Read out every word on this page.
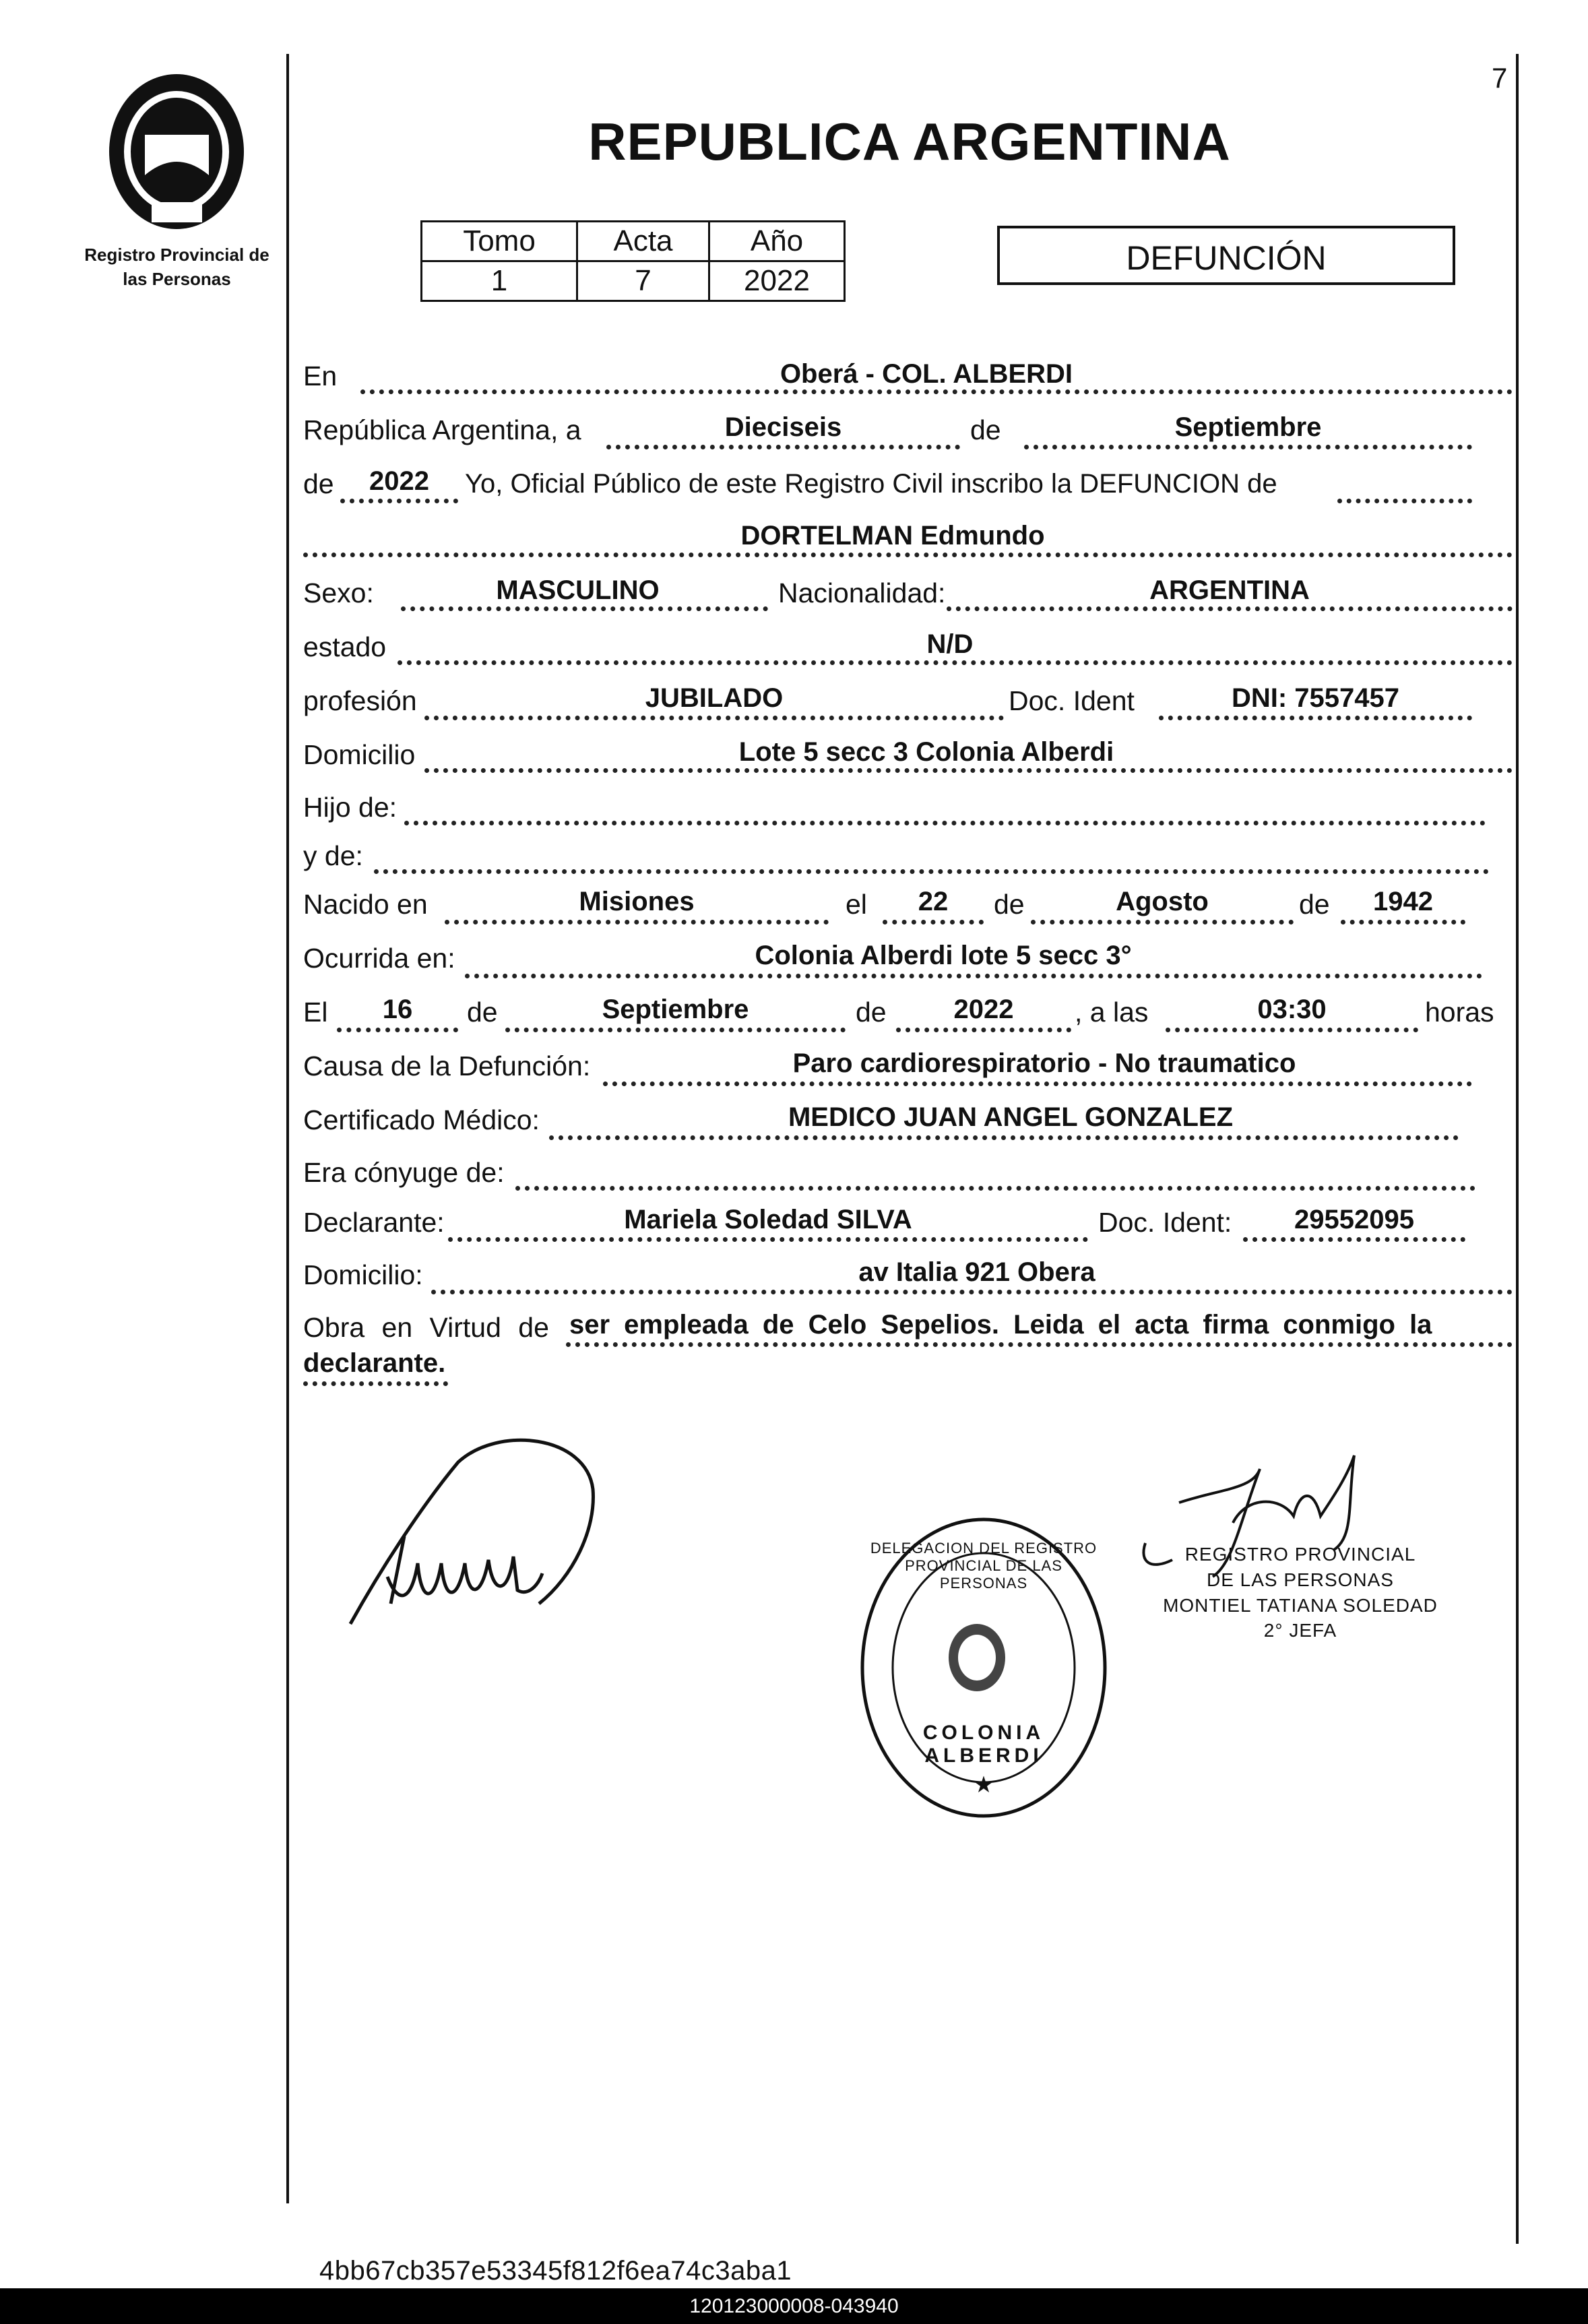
7
Registro Provincial de
las Personas
REPUBLICA ARGENTINA
Tomo	Acta	Año
1	7	2022
DEFUNCIÓN
En	Oberá - COL. ALBERDI
República Argentina, a	Dieciseis	de	Septiembre
de	2022	Yo, Oficial Público de este Registro Civil inscribo la DEFUNCION de
DORTELMAN Edmundo
Sexo:	MASCULINO	Nacionalidad:	ARGENTINA
estado	N/D
profesión	JUBILADO	Doc. Ident	DNI: 7557457
Domicilio	Lote 5 secc 3 Colonia Alberdi
Hijo de:
y de:
Nacido en	Misiones	el	22	de	Agosto	de	1942
Ocurrida en:	Colonia Alberdi lote 5 secc 3°
El	16	de	Septiembre	de	2022	, a las	03:30	horas
Causa de la Defunción:	Paro cardiorespiratorio - No traumatico
Certificado Médico:	MEDICO JUAN ANGEL GONZALEZ
Era cónyuge de:
Declarante:	Mariela Soledad SILVA	Doc. Ident:	29552095
Domicilio:	av Italia 921 Obera
Obra en Virtud de ser empleada de Celo Sepelios. Leida el acta firma conmigo la
declarante.
★
COLONIA ALBERDI
DELEGACION DEL REGISTRO PROVINCIAL DE LAS PERSONAS
REGISTRO PROVINCIAL
DE LAS PERSONAS
MONTIEL TATIANA SOLEDAD
2° JEFA
4bb67cb357e53345f812f6ea74c3aba1
120123000008-043940
